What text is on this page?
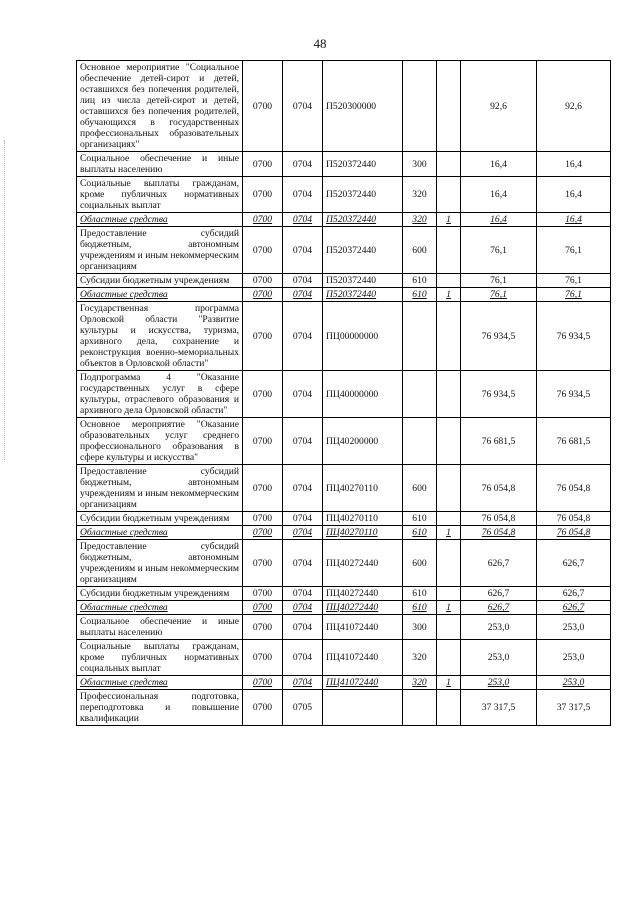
48
Основное мероприятие "Социальное обеспечение детей-сирот и детей, оставшихся без попечения родителей, лиц из числа детей-сирот и детей, оставшихся без попечения родителей, обучающихся в государственных профессиональных образовательных организациях"	0700	0704	П520300000			92,6	92,6
Социальное обеспечение и иные выплаты населению	0700	0704	П520372440	300		16,4	16,4
Социальные выплаты гражданам, кроме публичных нормативных социальных выплат	0700	0704	П520372440	320		16,4	16,4
Областные средства	0700	0704	П520372440	320	1	16,4	16,4
Предоставление субсидий бюджетным, автономным учреждениям и иным некоммерческим организациям	0700	0704	П520372440	600		76,1	76,1
Субсидии бюджетным учреждениям	0700	0704	П520372440	610		76,1	76,1
Областные средства	0700	0704	П520372440	610	1	76,1	76,1
Государственная программа Орловской области "Развитие культуры и искусства, туризма, архивного дела, сохранение и реконструкция военно-мемориальных объектов в Орловской области"	0700	0704	ПЦ00000000			76 934,5	76 934,5
Подпрограмма 4 "Оказание государственных услуг в сфере культуры, отраслевого образования и архивного дела Орловской области"	0700	0704	ПЦ40000000			76 934,5	76 934,5
Основное мероприятие "Оказание образовательных услуг среднего профессионального образования в сфере культуры и искусства"	0700	0704	ПЦ40200000			76 681,5	76 681,5
Предоставление субсидий бюджетным, автономным учреждениям и иным некоммерческим организациям	0700	0704	ПЦ40270110	600		76 054,8	76 054,8
Субсидии бюджетным учреждениям	0700	0704	ПЦ40270110	610		76 054,8	76 054,8
Областные средства	0700	0704	ПЦ40270110	610	1	76 054,8	76 054,8
Предоставление субсидий бюджетным, автономным учреждениям и иным некоммерческим организациям	0700	0704	ПЦ40272440	600		626,7	626,7
Субсидии бюджетным учреждениям	0700	0704	ПЦ40272440	610		626,7	626,7
Областные средства	0700	0704	ПЦ40272440	610	1	626,7	626,7
Социальное обеспечение и иные выплаты населению	0700	0704	ПЦ41072440	300		253,0	253,0
Социальные выплаты гражданам, кроме публичных нормативных социальных выплат	0700	0704	ПЦ41072440	320		253,0	253,0
Областные средства	0700	0704	ПЦ41072440	320	1	253,0	253,0
Профессиональная подготовка, переподготовка и повышение квалификации	0700	0705				37 317,5	37 317,5
